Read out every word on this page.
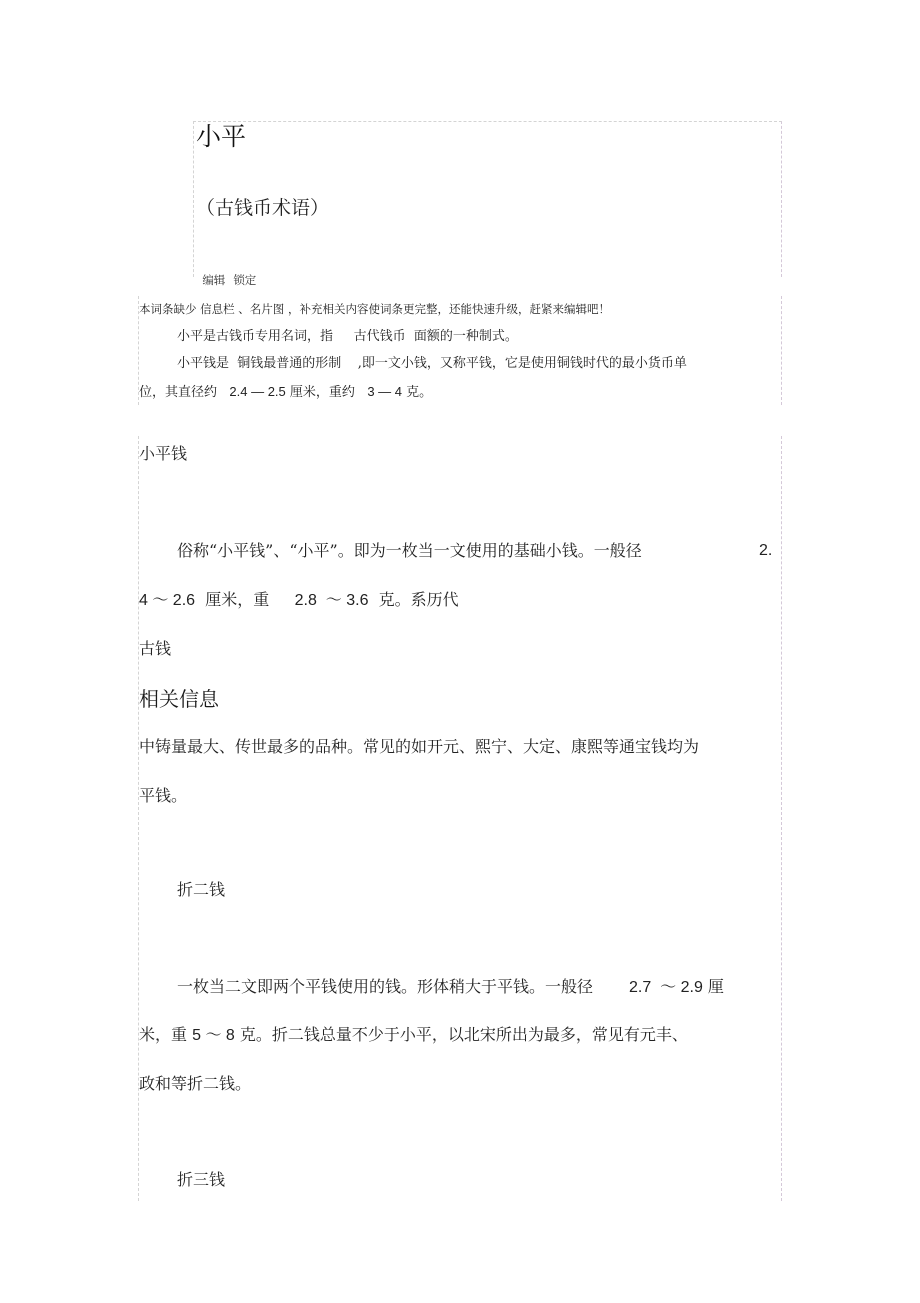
小平
（古钱币术语）

编辑 锁定

本词条缺少 信息栏 、名片图 ，补充相关内容使词条更完整，还能快速升级，赶紧来编辑吧！

小平是古钱币专用名词，指     古代钱币  面额的一种制式。

小平钱是  铜钱最普通的形制    ,即一文小钱，又称平钱，它是使用铜钱时代的最小货币单

位，其直径约   2.4 — 2.5 厘米，重约   3 — 4 克。

小平钱

俗称“小平钱”、“小平”。即为一枚当一文使用的基础小钱。一般径	2.

4 ～ 2.6  厘米，重     2.8  ～ 3.6  克。系历代

古钱

相关信息

中铸量最大、传世最多的品种。常见的如开元、熙宁、大定、康熙等通宝钱均为

平钱。

折二钱

一枚当二文即两个平钱使用的钱。形体稍大于平钱。一般径 2.7  ～ 2.9 厘

米，重 5 ～ 8 克。折二钱总量不少于小平，以北宋所出为最多，常见有元丰、

政和等折二钱。

折三钱
